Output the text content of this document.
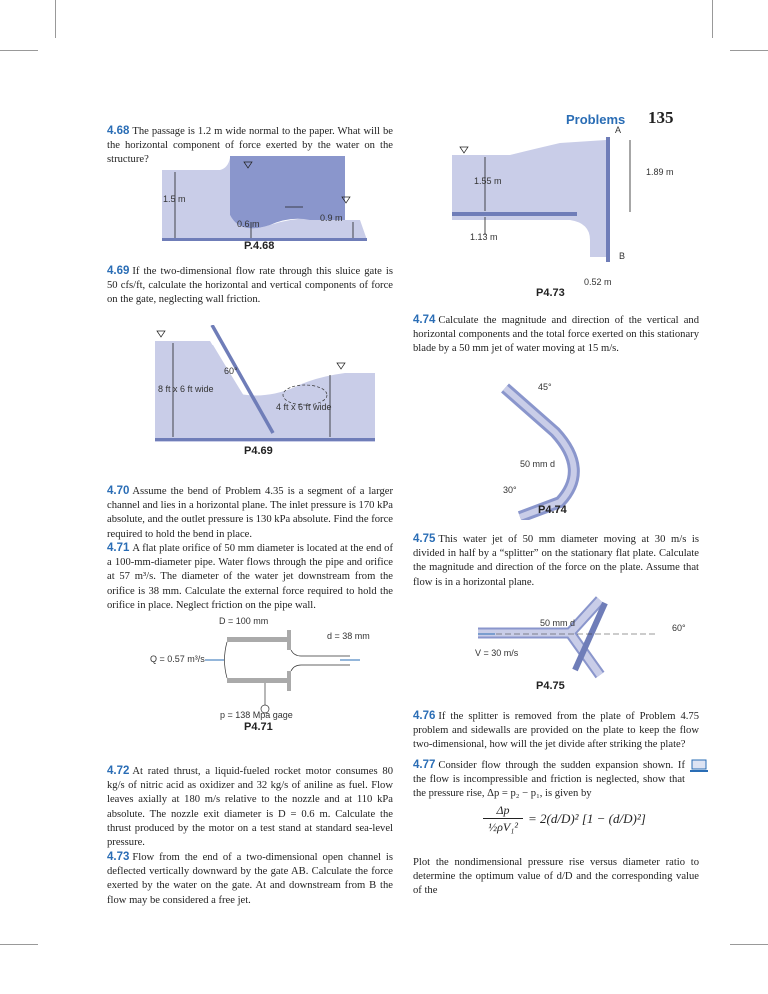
Problems 135
4.68 The passage is 1.2 m wide normal to the paper. What will be the horizontal component of force exerted by the water on the structure?
1.5 m
0.6 m
0.9 m
P.4.68
4.69 If the two-dimensional flow rate through this sluice gate is 50 cfs/ft, calculate the horizontal and vertical components of force on the gate, neglecting wall friction.
60°
8 ft x 6 ft wide
4 ft x 6 ft wide
P4.69
4.70 Assume the bend of Problem 4.35 is a segment of a larger channel and lies in a horizontal plane. The inlet pressure is 170 kPa absolute, and the outlet pressure is 130 kPa absolute. Find the force required to hold the bend in place.
4.71 A flat plate orifice of 50 mm diameter is located at the end of a 100-mm-diameter pipe. Water flows through the pipe and orifice at 57 m³/s. The diameter of the water jet downstream from the orifice is 38 mm. Calculate the external force required to hold the orifice in place. Neglect friction on the pipe wall.
D = 100 mm
d = 38 mm
Q = 0.57 m³/s
p = 138 Mpa gage
P4.71
4.72 At rated thrust, a liquid-fueled rocket motor consumes 80 kg/s of nitric acid as oxidizer and 32 kg/s of aniline as fuel. Flow leaves axially at 180 m/s relative to the nozzle and at 110 kPa absolute. The nozzle exit diameter is D = 0.6 m. Calculate the thrust produced by the motor on a test stand at standard sea-level pressure.
4.73 Flow from the end of a two-dimensional open channel is deflected vertically downward by the gate AB. Calculate the force exerted by the water on the gate. At and downstream from B the flow may be considered a free jet.
A
1.89 m
1.55 m
1.13 m
B
0.52 m
P4.73
4.74 Calculate the magnitude and direction of the vertical and horizontal components and the total force exerted on this stationary blade by a 50 mm jet of water moving at 15 m/s.
45°
50 mm d
30°
P4.74
4.75 This water jet of 50 mm diameter moving at 30 m/s is divided in half by a “splitter” on the stationary flat plate. Calculate the magnitude and direction of the force on the plate. Assume that flow is in a horizontal plane.
50 mm d	60°
V = 30 m/s
P4.75
4.76 If the splitter is removed from the plate of Problem 4.75 problem and sidewalls are provided on the plate to keep the flow two-dimensional, how will the jet divide after striking the plate?
4.77 Consider flow through the sudden expansion shown. If the flow is incompressible and friction is neglected, show that the pressure rise, Δp = p₂ − p₁, is given by
Δp
½ρV₁²
= 2(d/D)² [1 − (d/D)²]
Plot the nondimensional pressure rise versus diameter ratio to determine the optimum value of d/D and the corresponding value of the
